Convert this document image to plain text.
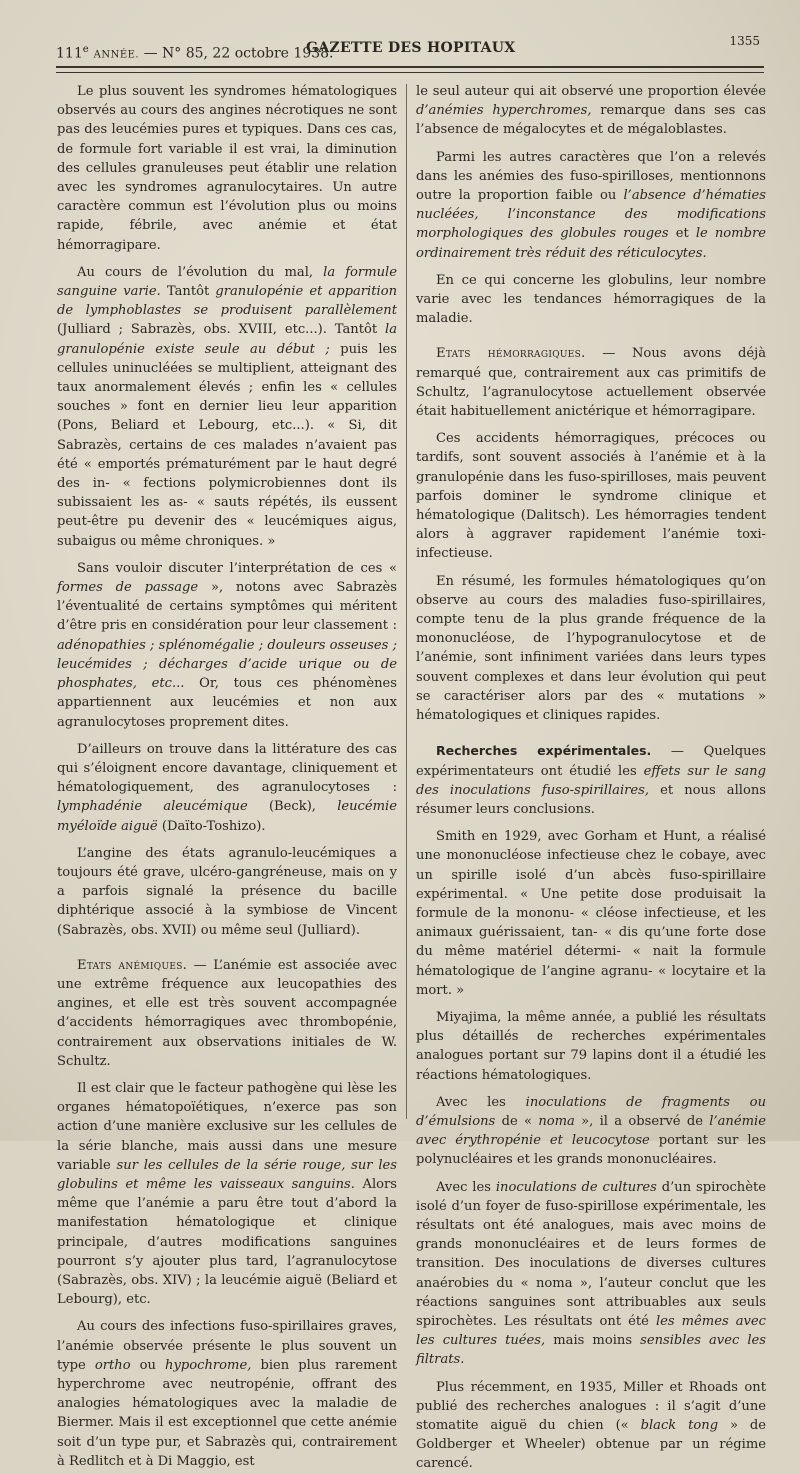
111e ANNÉE. — N° 85, 22 octobre 1938.
GAZETTE DES HOPITAUX	1355

Le plus souvent les syndromes hématologiques observés au cours des angines nécrotiques ne sont pas des leucémies pures et typiques. Dans ces cas, de formule fort variable il est vrai, la diminution des cellules granuleuses peut établir une relation avec les syndromes agranulocytaires. Un autre caractère commun est l’évolution plus ou moins rapide, fébrile, avec anémie et état hémorragipare.

Au cours de l’évolution du mal, la formule sanguine varie. Tantôt granulopénie et apparition de lymphoblastes se produisent parallèlement (Julliard ; Sabrazès, obs. XVIII, etc...). Tantôt la granulopénie existe seule au début ; puis les cellules uninucléées se multiplient, atteignant des taux anormalement élevés ; enfin les « cellules souches » font en dernier lieu leur apparition (Pons, Beliard et Lebourg, etc...). « Si, dit Sabrazès, certains de ces malades n’avaient pas été « emportés prématurément par le haut degré des in- « fections polymicrobiennes dont ils subissaient les as- « sauts répétés, ils eussent peut-être pu devenir des « leucémiques aigus, subaigus ou même chroniques. »

Sans vouloir discuter l’interprétation de ces « formes de passage », notons avec Sabrazès l’éventualité de certains symptômes qui méritent d’être pris en considération pour leur classement : adénopathies ; splénomégalie ; douleurs osseuses ; leucémides ; décharges d’acide urique ou de phosphates, etc... Or, tous ces phénomènes appartiennent aux leucémies et non aux agranulocytoses proprement dites.

D’ailleurs on trouve dans la littérature des cas qui s’éloignent encore davantage, cliniquement et hématologiquement, des agranulocytoses : lymphadénie aleucémique (Beck), leucémie myéloïde aiguë (Daïto-Toshizo).

L’angine des états agranulo-leucémiques a toujours été grave, ulcéro-gangréneuse, mais on y a parfois signalé la présence du bacille diphtérique associé à la symbiose de Vincent (Sabrazès, obs. XVII) ou même seul (Julliard).

Etats anémiques. — L’anémie est associée avec une extrême fréquence aux leucopathies des angines, et elle est très souvent accompagnée d’accidents hémorragiques avec thrombopénie, contrairement aux observations initiales de W. Schultz.

Il est clair que le facteur pathogène qui lèse les organes hématopoïétiques, n’exerce pas son action d’une manière exclusive sur les cellules de la série blanche, mais aussi dans une mesure variable sur les cellules de la série rouge, sur les globulins et même les vaisseaux sanguins. Alors même que l’anémie a paru être tout d’abord la manifestation hématologique et clinique principale, d’autres modifications sanguines pourront s’y ajouter plus tard, l’agranulocytose (Sabrazès, obs. XIV) ; la leucémie aiguë (Beliard et Lebourg), etc.

Au cours des infections fuso-spirillaires graves, l’anémie observée présente le plus souvent un type ortho ou hypochrome, bien plus rarement hyperchrome avec neutropénie, offrant des analogies hématologiques avec la maladie de Biermer. Mais il est exceptionnel que cette anémie soit d’un type pur, et Sabrazès qui, contrairement à Redlitch et à Di Maggio, est

le seul auteur qui ait observé une proportion élevée d’anémies hyperchromes, remarque dans ses cas l’absence de mégalocytes et de mégaloblastes.

Parmi les autres caractères que l’on a relevés dans les anémies des fuso-spirilloses, mentionnons outre la proportion faible ou l’absence d’hématies nucléées, l’inconstance des modifications morphologiques des globules rouges et le nombre ordinairement très réduit des réticulocytes.

En ce qui concerne les globulins, leur nombre varie avec les tendances hémorragiques de la maladie.

Etats hémorragiques. — Nous avons déjà remarqué que, contrairement aux cas primitifs de Schultz, l’agranulocytose actuellement observée était habituellement anictérique et hémorragipare.

Ces accidents hémorragiques, précoces ou tardifs, sont souvent associés à l’anémie et à la granulopénie dans les fuso-spirilloses, mais peuvent parfois dominer le syndrome clinique et hématologique (Dalitsch). Les hémorragies tendent alors à aggraver rapidement l’anémie toxi-infectieuse.

En résumé, les formules hématologiques qu’on observe au cours des maladies fuso-spirillaires, compte tenu de la plus grande fréquence de la mononucléose, de l’hypogranulocytose et de l’anémie, sont infiniment variées dans leurs types souvent complexes et dans leur évolution qui peut se caractériser alors par des « mutations » hématologiques et cliniques rapides.

Recherches expérimentales. — Quelques expérimentateurs ont étudié les effets sur le sang des inoculations fuso-spirillaires, et nous allons résumer leurs conclusions.

Smith en 1929, avec Gorham et Hunt, a réalisé une mononucléose infectieuse chez le cobaye, avec un spirille isolé d’un abcès fuso-spirillaire expérimental. « Une petite dose produisait la formule de la mononu- « cléose infectieuse, et les animaux guérissaient, tan- « dis qu’une forte dose du même matériel détermi- « nait la formule hématologique de l’angine agranu- « locytaire et la mort. »

Miyajima, la même année, a publié les résultats plus détaillés de recherches expérimentales analogues portant sur 79 lapins dont il a étudié les réactions hématologiques.

Avec les inoculations de fragments ou d’émulsions de « noma », il a observé de l’anémie avec érythropénie et leucocytose portant sur les polynucléaires et les grands mononucléaires.

Avec les inoculations de cultures d’un spirochète isolé d’un foyer de fuso-spirillose expérimentale, les résultats ont été analogues, mais avec moins de grands mononucléaires et de leurs formes de transition. Des inoculations de diverses cultures anaérobies du « noma », l’auteur conclut que les réactions sanguines sont attribuables aux seuls spirochètes. Les résultats ont été les mêmes avec les cultures tuées, mais moins sensibles avec les filtrats.

Plus récemment, en 1935, Miller et Rhoads ont publié des recherches analogues : il s’agit d’une stomatite aiguë du chien (« black tong » de Goldberger et Wheeler) obtenue par un régime carencé.
